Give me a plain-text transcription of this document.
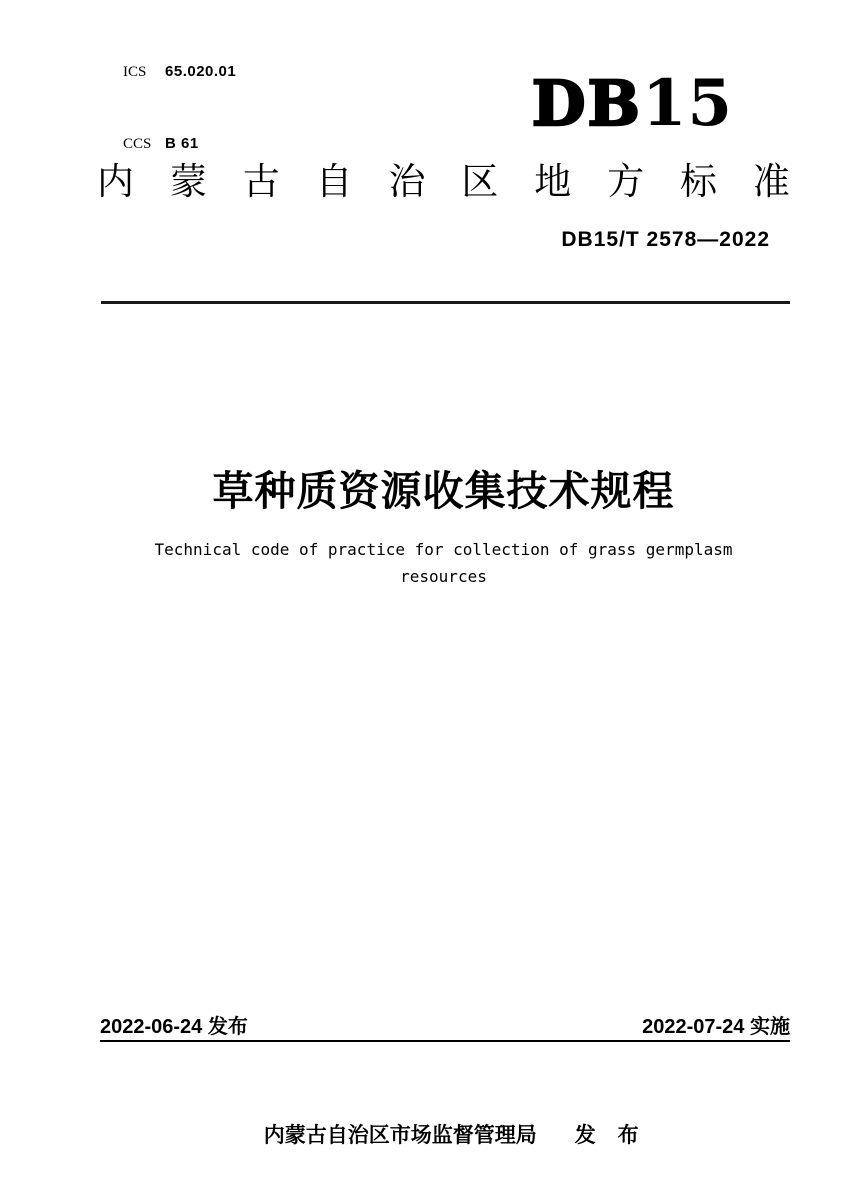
ICS 65.020.01

CCS B 61

DB15
内 蒙 古 自 治 区 地 方 标 准
DB15/T 2578—2022
草种质资源收集技术规程
Technical code of practice for collection of grass germplasm
resources
2022-06-24 发布	2022-07-24 实施

内蒙古自治区市场监督管理局 发 布
